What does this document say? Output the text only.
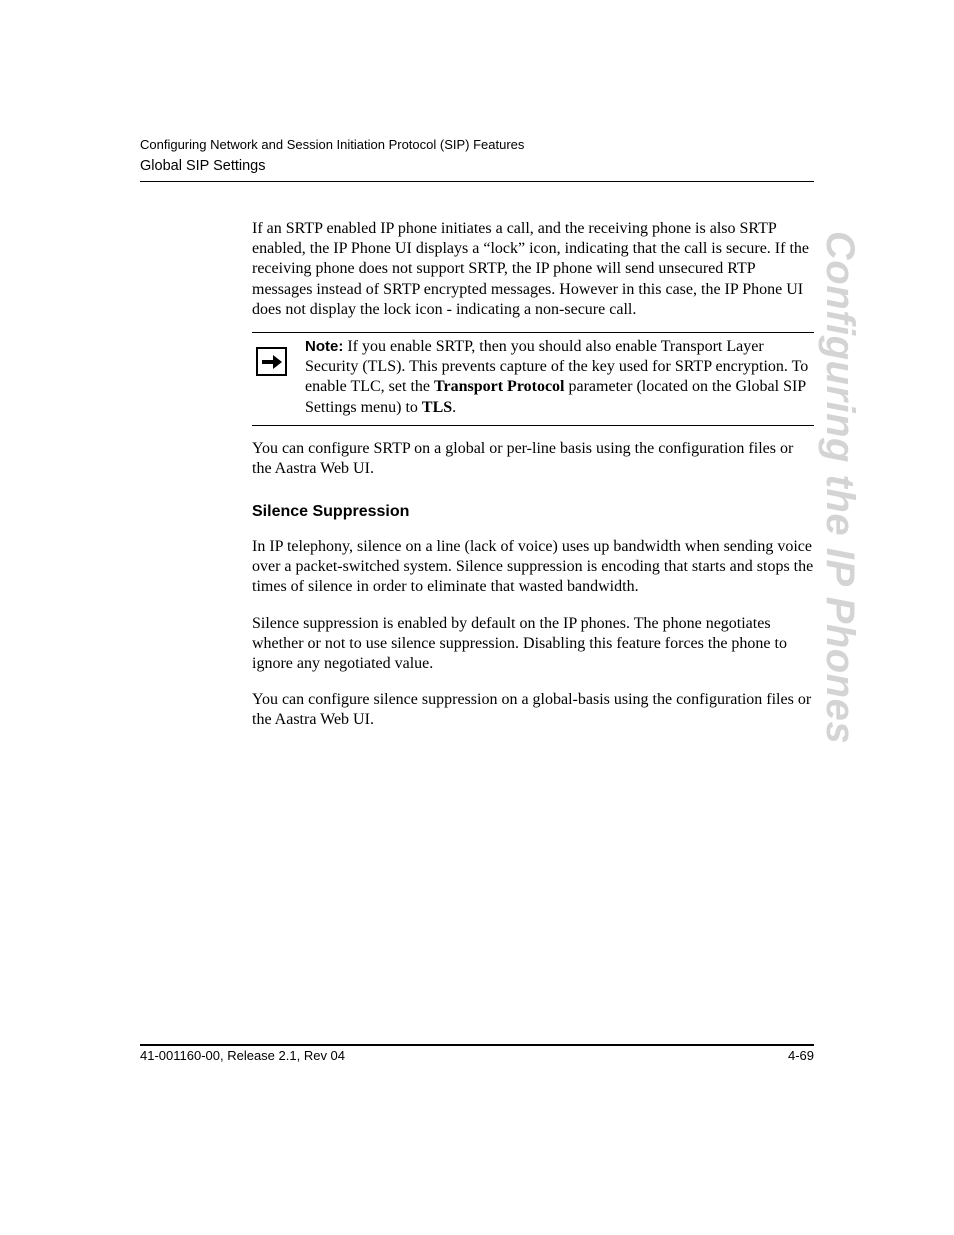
Configuring Network and Session Initiation Protocol (SIP) Features
Global SIP Settings

If an SRTP enabled IP phone initiates a call, and the receiving phone is also SRTP enabled, the IP Phone UI displays a “lock” icon, indicating that the call is secure. If the receiving phone does not support SRTP, the IP phone will send unsecured RTP messages instead of SRTP encrypted messages. However in this case, the IP Phone UI does not display the lock icon - indicating a non-secure call.

Note: If you enable SRTP, then you should also enable Transport Layer Security (TLS). This prevents capture of the key used for SRTP encryption. To enable TLC, set the Transport Protocol parameter (located on the Global SIP Settings menu) to TLS.

You can configure SRTP on a global or per-line basis using the configuration files or the Aastra Web UI.

Silence Suppression

In IP telephony, silence on a line (lack of voice) uses up bandwidth when sending voice over a packet-switched system. Silence suppression is encoding that starts and stops the times of silence in order to eliminate that wasted bandwidth.

Silence suppression is enabled by default on the IP phones. The phone negotiates whether or not to use silence suppression. Disabling this feature forces the phone to ignore any negotiated value.

You can configure silence suppression on a global-basis using the configuration files or the Aastra Web UI.	Configuring the IP Phones
41-001160-00, Release 2.1, Rev 04	4-69
